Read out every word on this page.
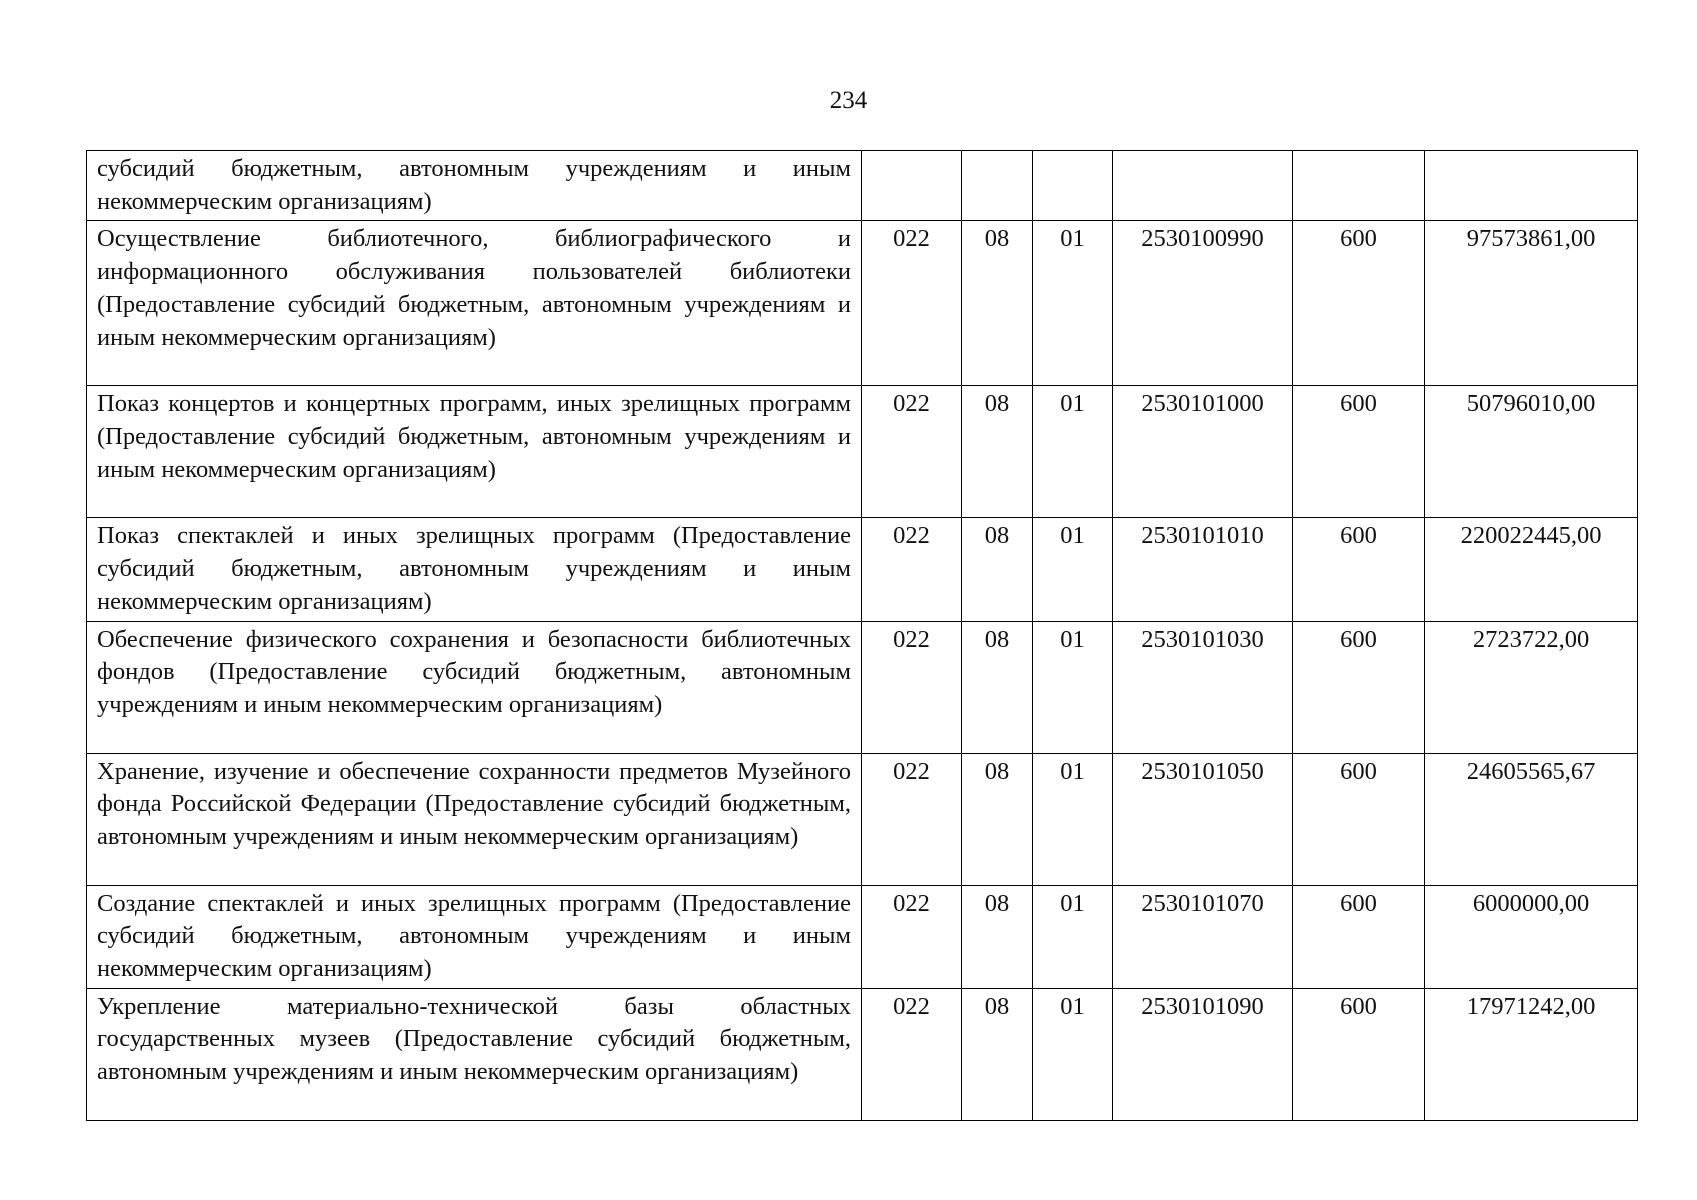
234
субсидий бюджетным, автономным учреждениям и иным некоммерческим организациям)						
Осуществление библиотечного, библиографического и информационного обслуживания пользователей библиотеки (Предоставление субсидий бюджетным, автономным учреждениям и иным некоммерческим организациям)	022	08	01	2530100990	600	97573861,00
Показ концертов и концертных программ, иных зрелищных программ (Предоставление субсидий бюджетным, автономным учреждениям и иным некоммерческим организациям)	022	08	01	2530101000	600	50796010,00
Показ спектаклей и иных зрелищных программ (Предоставление субсидий бюджетным, автономным учреждениям и иным некоммерческим организациям)	022	08	01	2530101010	600	220022445,00
Обеспечение физического сохранения и безопасности библиотечных фондов (Предоставление субсидий бюджетным, автономным учреждениям и иным некоммерческим организациям)	022	08	01	2530101030	600	2723722,00
Хранение, изучение и обеспечение сохранности предметов Музейного фонда Российской Федерации (Предоставление субсидий бюджетным, автономным учреждениям и иным некоммерческим организациям)	022	08	01	2530101050	600	24605565,67
Создание спектаклей и иных зрелищных программ (Предоставление субсидий бюджетным, автономным учреждениям и иным некоммерческим организациям)	022	08	01	2530101070	600	6000000,00
Укрепление материально-технической базы областных государственных музеев (Предоставление субсидий бюджетным, автономным учреждениям и иным некоммерческим организациям)	022	08	01	2530101090	600	17971242,00
